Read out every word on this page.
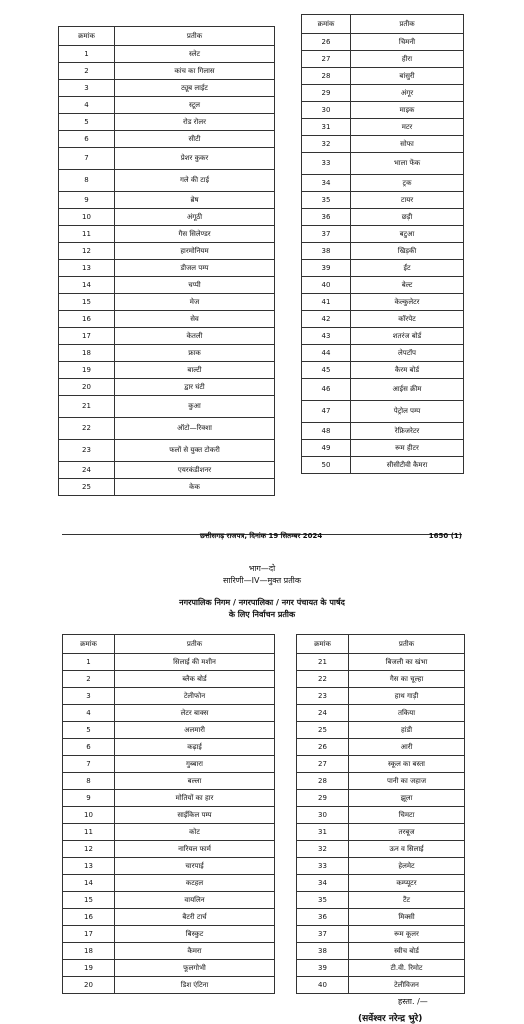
क्रमांक	प्रतीक
1	स्लेट
2	कांच का गिलास
3	ट्यूब लाईट
4	स्टूल
5	रोड रोलर
6	सीटी
7	प्रेशर कुकर
8	गले की टाई
9	ब्रेष
10	अंगूठी
11	गैस सिलेण्डर
12	हारमोनियम
13	डीजल पम्प
14	चप्पी
15	मेज
16	सेव
17	केतली
18	फ्राक
19	बाल्टी
20	द्वार घंटी
21	कुआ
22	ऑटो—रिक्शा
23	फलों से युक्त टोकरी
24	एयरकंडीशनर
25	केक
क्रमांक	प्रतीक
26	चिमनी
27	हीरा
28	बांसुरी
29	अंगूर
30	माइक
31	मटर
32	सोफा
33	भाला फेंक
34	ट्रक
35	टायर
36	छड़ी
37	बटुआ
38	खिड़की
39	ईंट
40	बेल्ट
41	केल्कुलेटर
42	कॉरपेट
43	शतरंज बोर्ड
44	लेपटॉप
45	कैरम बोर्ड
46	आईस क्रीम
47	पेट्रोल पम्प
48	रेफ्रिजरेटर
49	रूम हीटर
50	सीसीटीवी कैमरा
छत्तीसगढ़ राजपत्र, दिनांक 19 सितम्बर 2024	1650 (1)
भाग—दो
सारिणी—IV—मुक्त प्रतीक
नगरपालिक निगम / नगरपालिका / नगर पंचायत के पार्षद
के लिए निर्वाचन प्रतीक
क्रमांक	प्रतीक
1	सिलाई की मशीन
2	ब्लैक बोर्ड
3	टेलीफोन
4	लेटर बाक्स
5	अलमारी
6	कढ़ाई
7	गुब्बारा
8	बल्ला
9	मोतियों का हार
10	साईकिल पम्प
11	कोट
12	नारियल फार्म
13	चारपाई
14	कटहल
15	वायलिन
16	बैटरी टार्च
17	बिस्कुट
18	कैमरा
19	फूलगोभी
20	डिश एंटिना
क्रमांक	प्रतीक
21	बिजली का खंभा
22	गैस का चूल्हा
23	हाथ गाड़ी
24	तकिया
25	हांडी
26	आरी
27	स्कूल का बस्ता
28	पानी का जहाज
29	झूला
30	चिमटा
31	तरबूज
32	ऊन व सिलाई
33	हेलमेट
34	कम्प्यूटर
35	टैंट
36	मिक्सी
37	रूम कूलर
38	स्वीच बोर्ड
39	टी.वी. रिमोट
40	टेलीविजन
हस्ता. /—
(सर्वेश्वर नरेन्द्र भुरे)
